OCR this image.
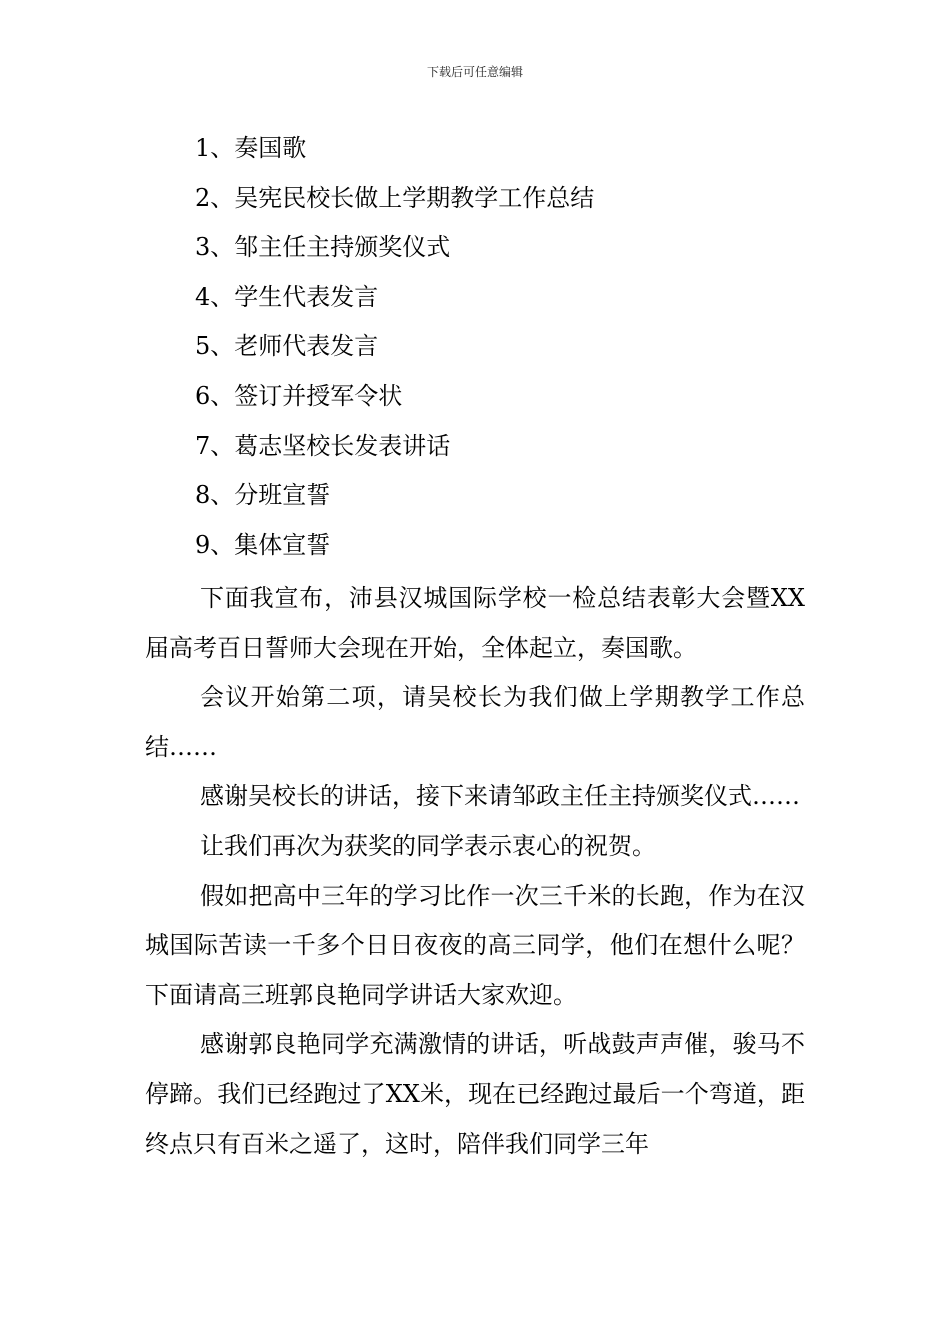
下载后可任意编辑
1、奏国歌
2、吴宪民校长做上学期教学工作总结
3、邹主任主持颁奖仪式
4、学生代表发言
5、老师代表发言
6、签订并授军令状
7、葛志坚校长发表讲话
8、分班宣誓
9、集体宣誓

下面我宣布，沛县汉城国际学校一检总结表彰大会暨XX届高考百日誓师大会现在开始，全体起立，奏国歌。

会议开始第二项，请吴校长为我们做上学期教学工作总结……

感谢吴校长的讲话，接下来请邹政主任主持颁奖仪式……

让我们再次为获奖的同学表示衷心的祝贺。

假如把高中三年的学习比作一次三千米的长跑，作为在汉城国际苦读一千多个日日夜夜的高三同学，他们在想什么呢？下面请高三班郭良艳同学讲话大家欢迎。

感谢郭良艳同学充满激情的讲话，听战鼓声声催，骏马不停蹄。我们已经跑过了XX米，现在已经跑过最后一个弯道，距终点只有百米之遥了，这时，陪伴我们同学三年
